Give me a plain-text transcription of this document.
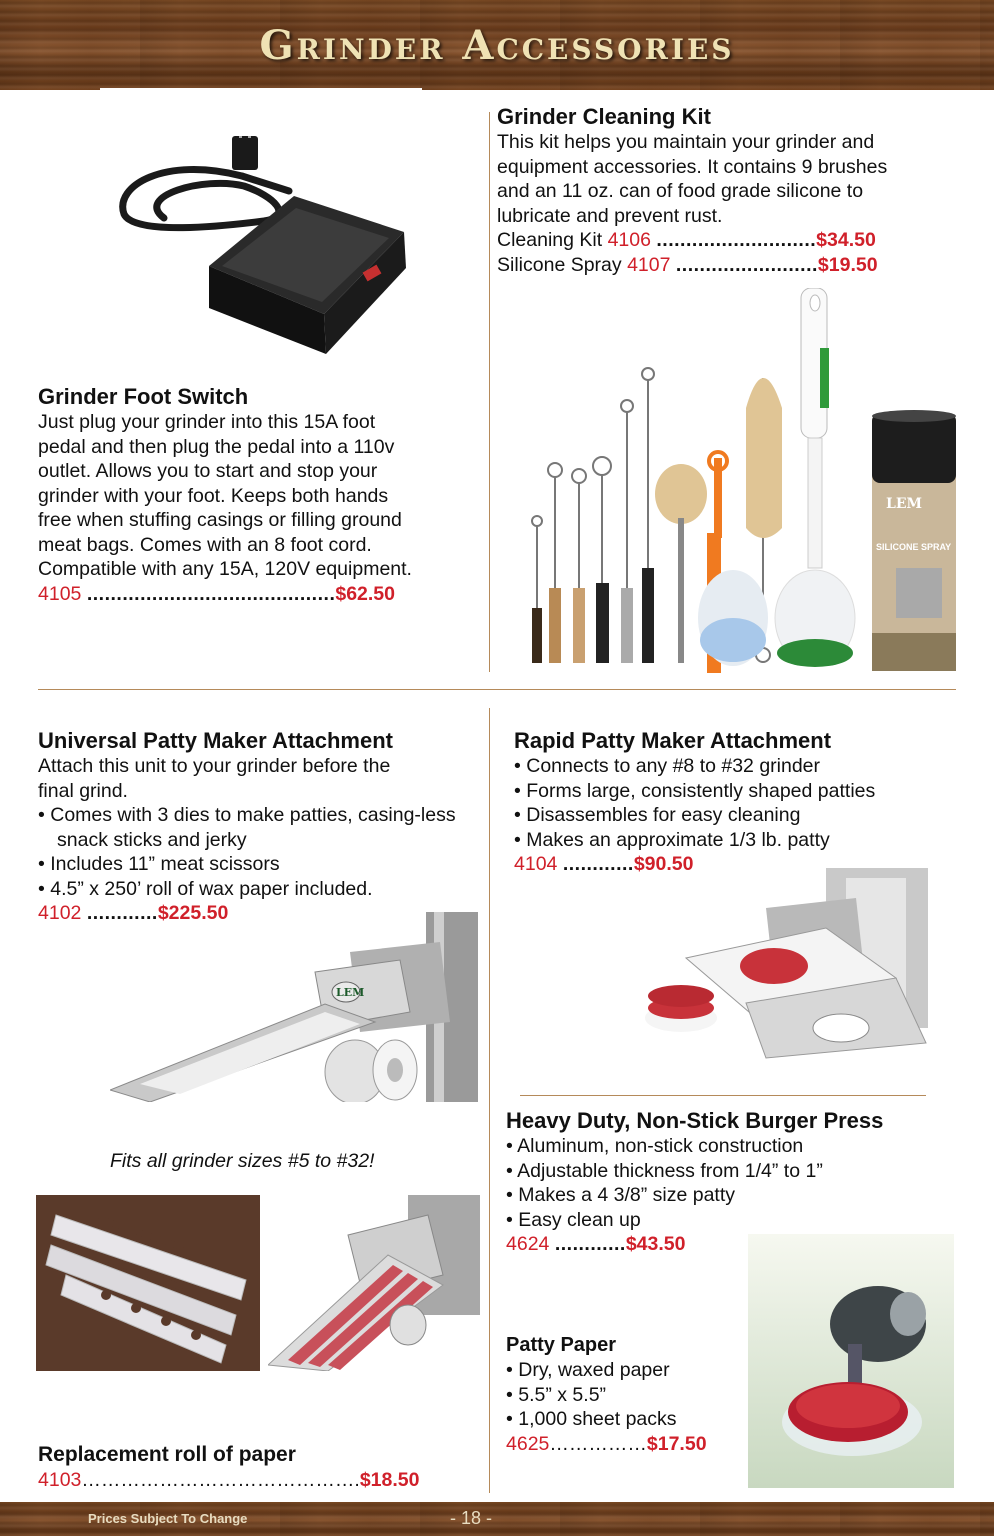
Grinder Accessories
Grinder Cleaning Kit

This kit helps you maintain your grinder and

equipment accessories. It contains 9 brushes

and an 11 oz. can of food grade silicone to

lubricate and prevent rust.

Cleaning Kit 4106 ...........................$34.50

Silicone Spray 4107 ........................$19.50

LEM
SILICONE SPRAY
Grinder Foot Switch

Just plug your grinder into this 15A foot

pedal and then plug the pedal into a 110v

outlet. Allows you to start and stop your

grinder with your foot. Keeps both hands

free when stuffing casings or filling ground

meat bags. Comes with an 8 foot cord.

Compatible with any 15A, 120V equipment.

4105 ..........................................$62.50

Universal Patty Maker Attachment

Attach this unit to your grinder before the

final grind.

• Comes with 3 dies to make patties, casing-less snack sticks and jerky

• Includes 11” meat scissors

• 4.5” x 250’ roll of wax paper included.

4102 ............$225.50

LEM
Fits all grinder sizes #5 to #32!
Replacement roll of paper

4103…………………………………….$18.50

Rapid Patty Maker Attachment

• Connects to any #8 to #32 grinder

• Forms large, consistently shaped patties

• Disassembles for easy cleaning

• Makes an approximate 1/3 lb. patty

4104 ............$90.50

Heavy Duty, Non-Stick Burger Press

• Aluminum, non-stick construction

• Adjustable thickness from 1/4” to 1”

• Makes a 4 3/8” size patty

• Easy clean up

4624 ............$43.50

Patty Paper

• Dry, waxed paper

• 5.5” x 5.5”

• 1,000 sheet packs

4625……………$17.50

Prices Subject To Change	- 18 -
